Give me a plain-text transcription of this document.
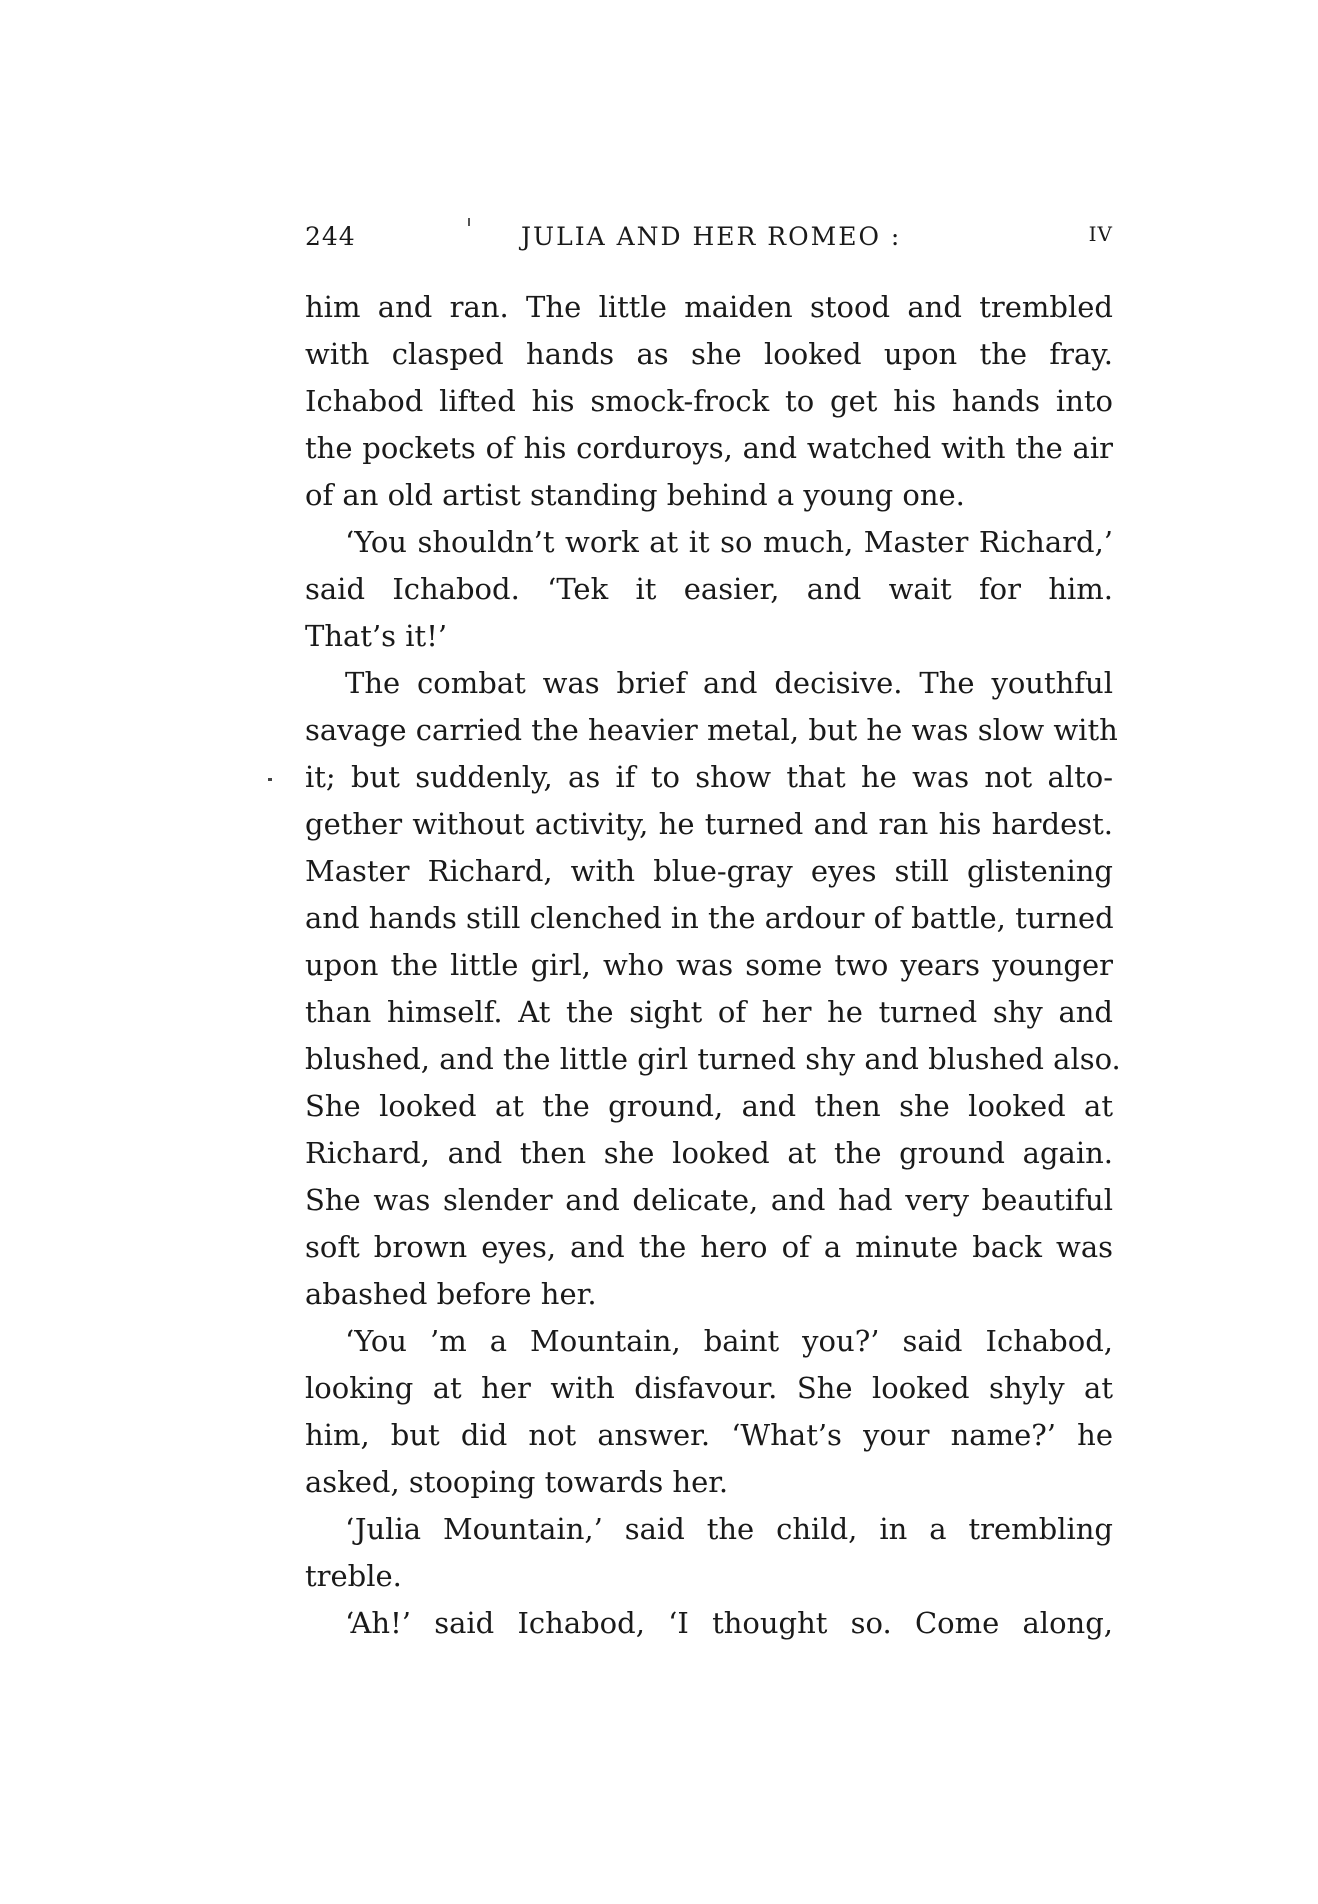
244	JULIA AND HER ROMEO :	IV
him and ran. The little maiden stood and trembled
with clasped hands as she looked upon the fray.
Ichabod lifted his smock-frock to get his hands into
the pockets of his corduroys, and watched with the air
of an old artist standing behind a young one.
‘You shouldn’t work at it so much, Master Richard,’
said Ichabod. ‘Tek it easier, and wait for him.
That’s it!’
The combat was brief and decisive. The youthful
savage carried the heavier metal, but he was slow with
it; but suddenly, as if to show that he was not alto-
gether without activity, he turned and ran his hardest.
Master Richard, with blue-gray eyes still glistening
and hands still clenched in the ardour of battle, turned
upon the little girl, who was some two years younger
than himself. At the sight of her he turned shy and
blushed, and the little girl turned shy and blushed also.
She looked at the ground, and then she looked at
Richard, and then she looked at the ground again.
She was slender and delicate, and had very beautiful
soft brown eyes, and the hero of a minute back was
abashed before her.
‘You ’m a Mountain, baint you?’ said Ichabod,
looking at her with disfavour. She looked shyly at
him, but did not answer. ‘What’s your name?’ he
asked, stooping towards her.
‘Julia Mountain,’ said the child, in a trembling
treble.
‘Ah!’ said Ichabod, ‘I thought so. Come along,
